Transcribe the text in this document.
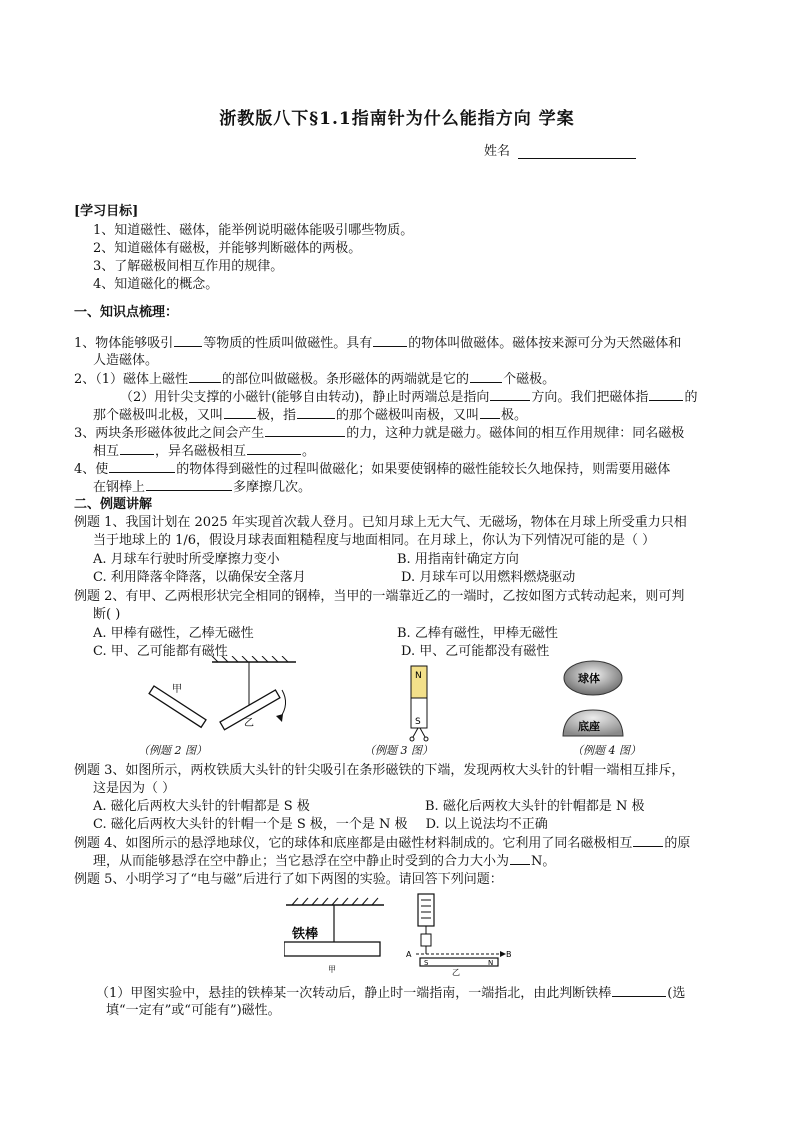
浙教版八下§1.1指南针为什么能指方向 学案
姓名
[学习目标]
1、知道磁性、磁体，能举例说明磁体能吸引哪些物质。
2、知道磁体有磁极，并能够判断磁体的两极。
3、了解磁极间相互作用的规律。
4、知道磁化的概念。
一、知识点梳理：
1、物体能够吸引 等物质的性质叫做磁性。具有	的物体叫做磁体。磁体按来源可分为天然磁体和
人造磁体。
2、（1）磁体上磁性	的部位叫做磁极。条形磁体的两端就是它的	个磁极。
（2）用针尖支撑的小磁针(能够自由转动)，静止时两端总是指向	方向。我们把磁体指	的
那个磁极叫北极，又叫	极，指	的那个磁极叫南极，又叫 极。
3、两块条形磁体彼此之间会产生	的力，这种力就是磁力。磁体间的相互作用规律：同名磁极
相互	，异名磁极相互	。
4、使	的物体得到磁性的过程叫做磁化；如果要使钢棒的磁性能较长久地保持，则需要用磁体
在钢棒上	多摩擦几次。
二、例题讲解
例题 1、我国计划在 2025 年实现首次载人登月。已知月球上无大气、无磁场，物体在月球上所受重力只相
当于地球上的 1/6，假设月球表面粗糙程度与地面相同。在月球上，你认为下列情况可能的是（ ）
A. 月球车行驶时所受摩擦力变小	B. 用指南针确定方向
C. 利用降落伞降落，以确保安全落月	D. 月球车可以用燃料燃烧驱动
例题 2、有甲、乙两根形状完全相同的钢棒，当甲的一端靠近乙的一端时，乙按如图方式转动起来，则可判
断( )
A. 甲棒有磁性，乙棒无磁性	B. 乙棒有磁性，甲棒无磁性
C. 甲、乙可能都有磁性	D. 甲、乙可能都没有磁性
甲
乙
（例题 2 图）
N
S
（例题 3 图）
球体
底座
（例题 4 图）
例题 3、如图所示，两枚铁质大头针的针尖吸引在条形磁铁的下端，发现两枚大头针的针帽一端相互排斥，
这是因为（ ）
A. 磁化后两枚大头针的针帽都是 S 极	B. 磁化后两枚大头针的针帽都是 N 极
C. 磁化后两枚大头针的针帽一个是 S 极，一个是 N 极 D. 以上说法均不正确
例题 4、如图所示的悬浮地球仪，它的球体和底座都是由磁性材料制成的。它利用了同名磁极相互 的原
理，从而能够悬浮在空中静止；当它悬浮在空中静止时受到的合力大小为 N。
例题 5、小明学习了“电与磁”后进行了如下两图的实验。请回答下列问题：
铁棒
甲
A	B
S	N
乙
（1）甲图实验中，悬挂的铁棒某一次转动后，静止时一端指南，一端指北，由此判断铁棒	(选
填“一定有”或“可能有”)磁性。
